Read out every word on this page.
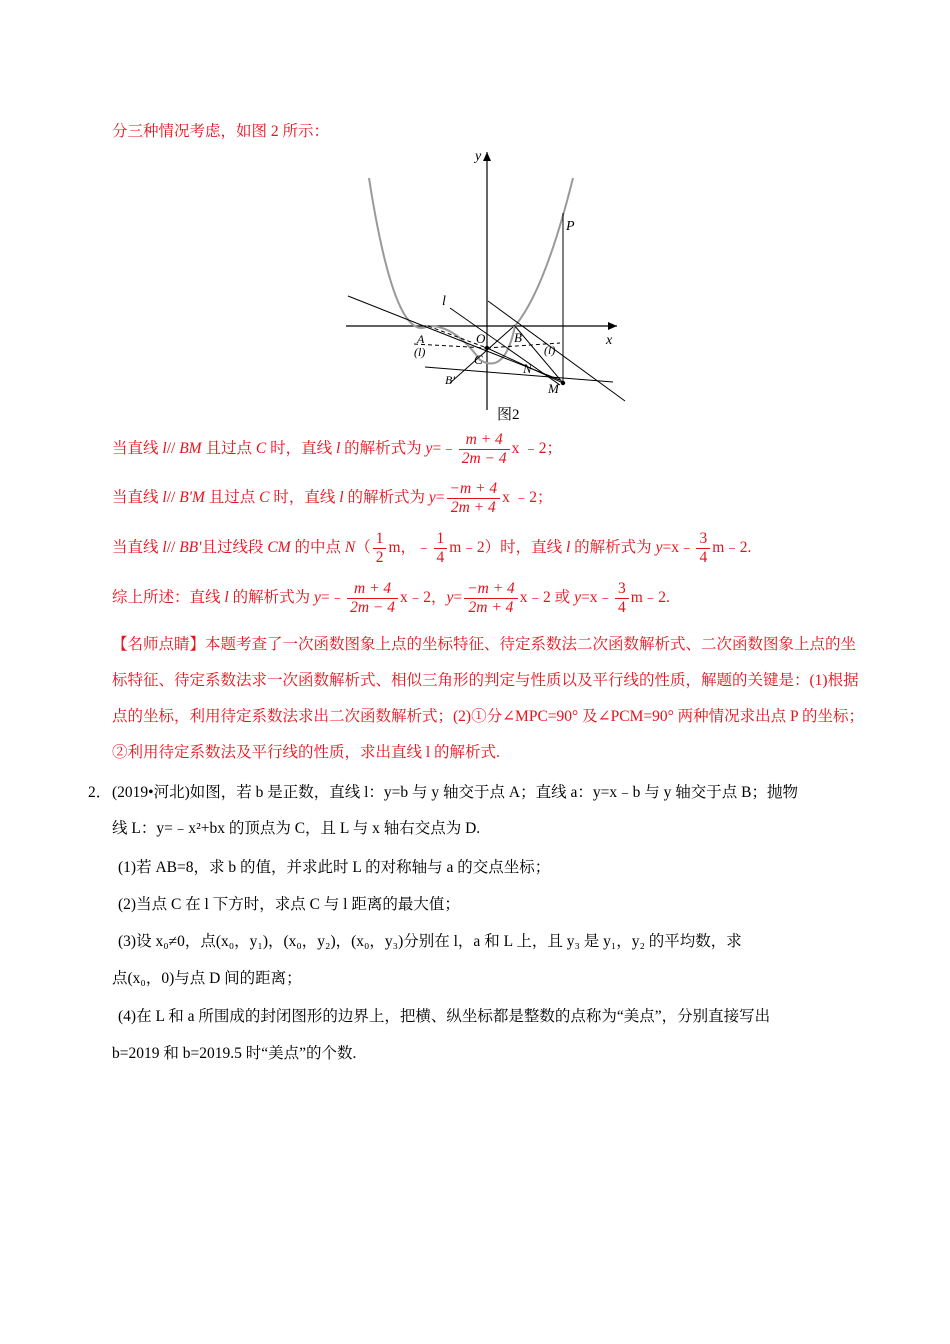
分三种情况考虑，如图 2 所示：
y
x
P
l
O B
A
(l)	(l)
C
N
B'
M
图2
当直线 l// BM 且过点 C 时，直线 l 的解析式为 y=﹣ $\frac{m + 4}{2m - 4}$ x ﹣2；
当直线 l// B'M 且过点 C 时，直线 l 的解析式为 $y= \frac{-m + 4}{2m + 4}$ x ﹣2；
当直线 l// BB'且过线段 CM 的中点 $N( \frac{1}{2}$ m，﹣ $\frac{1}{4}$ m﹣2）时，直线 l 的解析式为 y=x﹣ $\frac{3}{4}$ m﹣2.
综上所述：直线 l 的解析式为 y=﹣ $\frac{m + 4}{2m - 4}$ x﹣2，$y= \frac{-m + 4}{2m + 4}$ x﹣2 或 y=x﹣ $\frac{3}{4}$ m﹣2.
【名师点睛】本题考查了一次函数图象上点的坐标特征、待定系数法二次函数解析式、二次函数图象上点的坐标特征、待定系数法求一次函数解析式、相似三角形的判定与性质以及平行线的性质，解题的关键是：(1)根据点的坐标，利用待定系数法求出二次函数解析式；(2)①分∠MPC=90° 及∠PCM=90° 两种情况求出点 P 的坐标；②利用待定系数法及平行线的性质，求出直线 l 的解析式.
2． (2019•河北)如图，若 b 是正数，直线 l：y=b 与 y 轴交于点 A；直线 a：y=x﹣b 与 y 轴交于点 B；抛物
线 L：y=﹣x²+bx 的顶点为 C，且 L 与 x 轴右交点为 D.
(1)若 AB=8，求 b 的值，并求此时 L 的对称轴与 a 的交点坐标；
(2)当点 C 在 l 下方时，求点 C 与 l 距离的最大值；
(3)设 x₀≠0，点(x₀，y₁)，(x₀，y₂)，(x₀，y₃)分别在 l，a 和 L 上，且 y₃ 是 y₁，y₂ 的平均数，求
点(x₀，0)与点 D 间的距离；
(4)在 L 和 a 所围成的封闭图形的边界上，把横、纵坐标都是整数的点称为“美点”，分别直接写出
b=2019 和 b=2019.5 时“美点”的个数.
